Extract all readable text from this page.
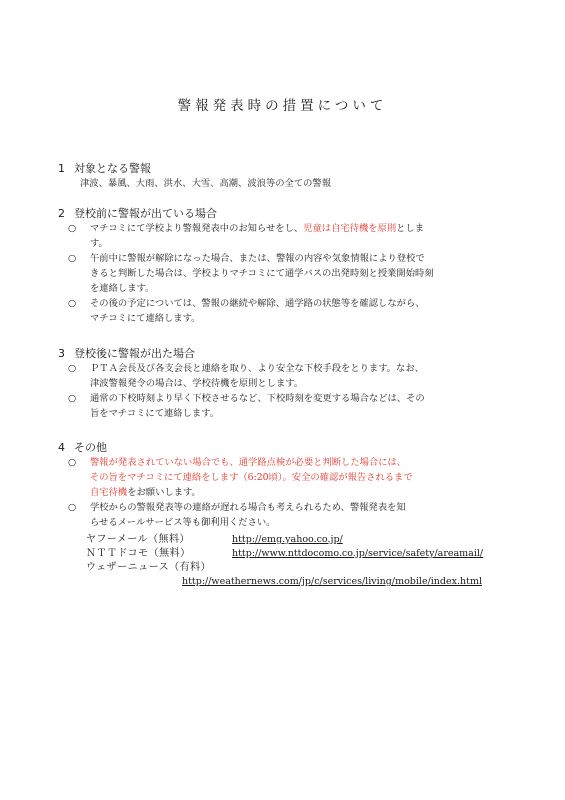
警報発表時の措置について
1 対象となる警報
津波、暴風、大雨、洪水、大雪、高潮、波浪等の全ての警報
2 登校前に警報が出ている場合
○ マチコミにて学校より警報発表中のお知らせをし、児童は自宅待機を原則としま
す。
○ 午前中に警報が解除になった場合、または、警報の内容や気象情報により登校で
きると判断した場合は、学校よりマチコミにて通学バスの出発時刻と授業開始時刻
を連絡します。
○ その後の予定については、警報の継続や解除、通学路の状態等を確認しながら、
マチコミにて連絡します。
3 登校後に警報が出た場合
○ ＰＴＡ会長及び各支会長と連絡を取り、より安全な下校手段をとります。なお、
津波警報発令の場合は、学校待機を原則とします。
○ 通常の下校時刻より早く下校させるなど、下校時刻を変更する場合などは、その
旨をマチコミにて連絡します。
4 その他
○ 警報が発表されていない場合でも、通学路点検が必要と判断した場合には、
その旨をマチコミにて連絡をします（6:20頃）。安全の確認が報告されるまで
自宅待機をお願いします。
○ 学校からの警報発表等の連絡が遅れる場合も考えられるため、警報発表を知
らせるメールサービス等も御利用ください。
ヤフーメール（無料）	http://emg.yahoo.co.jp/
ＮＴＴドコモ（無料）	http://www.nttdocomo.co.jp/service/safety/areamail/
ウェザーニュース（有料）
http://weathernews.com/jp/c/services/living/mobile/index.html
